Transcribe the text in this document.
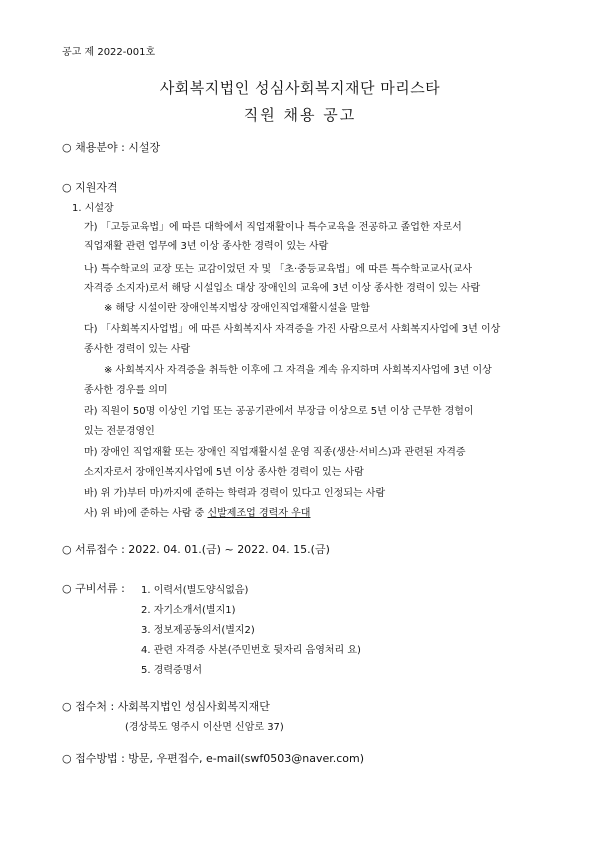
공고 제 2022-001호
사회복지법인 성심사회복지재단 마리스타
직원 채용 공고
○ 채용분야 : 시설장
○ 지원자격
1. 시설장
가) 「고등교육법」에 따른 대학에서 직업재활이나 특수교육을 전공하고 졸업한 자로서
직업재활 관련 업무에 3년 이상 종사한 경력이 있는 사람
나) 특수학교의 교장 또는 교감이었던 자 및 「초·중등교육법」에 따른 특수학교교사(교사
자격증 소지자)로서 해당 시설입소 대상 장애인의 교육에 3년 이상 종사한 경력이 있는 사람
※ 해당 시설이란 장애인복지법상 장애인직업재활시설을 말함
다) 「사회복지사업법」에 따른 사회복지사 자격증을 가진 사람으로서 사회복지사업에 3년 이상
종사한 경력이 있는 사람
※ 사회복지사 자격증을 취득한 이후에 그 자격을 계속 유지하며 사회복지사업에 3년 이상
종사한 경우를 의미
라) 직원이 50명 이상인 기업 또는 공공기관에서 부장급 이상으로 5년 이상 근무한 경험이
있는 전문경영인
마) 장애인 직업재활 또는 장애인 직업재활시설 운영 직종(생산·서비스)과 관련된 자격증
소지자로서 장애인복지사업에 5년 이상 종사한 경력이 있는 사람
바) 위 가)부터 마)까지에 준하는 학력과 경력이 있다고 인정되는 사람
사) 위 바)에 준하는 사람 중 신발제조업 경력자 우대
○ 서류접수 : 2022. 04. 01.(금) ~ 2022. 04. 15.(금)
○ 구비서류 : 1. 이력서(별도양식없음)
2. 자기소개서(별지1)
3. 정보제공동의서(별지2)
4. 관련 자격증 사본(주민번호 뒷자리 음영처리 요)
5. 경력증명서
○ 접수처 : 사회복지법인 성심사회복지재단
(경상북도 영주시 이산면 신암로 37)
○ 접수방법 : 방문, 우편접수, e-mail(swf0503@naver.com)
